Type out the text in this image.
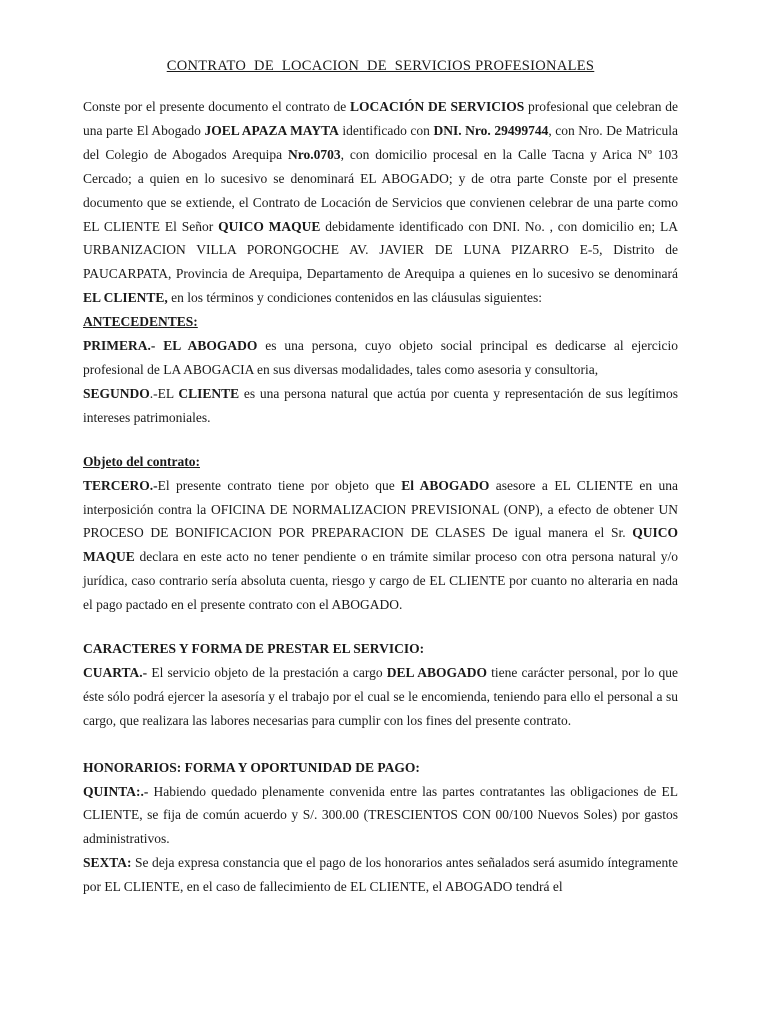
CONTRATO  DE  LOCACION  DE  SERVICIOS PROFESIONALES

Conste por el presente documento el contrato de LOCACIÓN DE SERVICIOS profesional que celebran de una parte El Abogado JOEL APAZA MAYTA identificado con DNI. Nro. 29499744, con Nro. De Matricula del Colegio de Abogados Arequipa Nro.0703, con domicilio procesal en la Calle Tacna y Arica Nº 103 Cercado; a quien en lo sucesivo se denominará EL ABOGADO; y de otra parte Conste por el presente documento que se extiende, el Contrato de Locación de Servicios que convienen celebrar de una parte como EL CLIENTE El Señor QUICO MAQUE debidamente identificado con DNI. No. , con domicilio en; LA URBANIZACION VILLA PORONGOCHE AV. JAVIER DE LUNA PIZARRO E-5, Distrito de PAUCARPATA, Provincia de Arequipa, Departamento de Arequipa a quienes en lo sucesivo se denominará EL CLIENTE, en los términos y condiciones contenidos en las cláusulas siguientes:

ANTECEDENTES:

PRIMERA.- EL ABOGADO es una persona, cuyo objeto social principal es dedicarse al ejercicio profesional de LA ABOGACIA en sus diversas modalidades, tales como asesoria y consultoria,

SEGUNDO.-EL CLIENTE es una persona natural que actúa por cuenta y representación de sus legítimos intereses patrimoniales.

Objeto del contrato:

TERCERO.-El presente contrato tiene por objeto que El ABOGADO asesore a EL CLIENTE en una interposición contra la OFICINA DE NORMALIZACION PREVISIONAL (ONP), a efecto de obtener UN PROCESO DE BONIFICACION POR PREPARACION DE CLASES De igual manera el Sr. QUICO MAQUE declara en este acto no tener pendiente o en trámite similar proceso con otra persona natural y/o jurídica, caso contrario sería absoluta cuenta, riesgo y cargo de EL CLIENTE por cuanto no alteraria en nada el pago pactado en el presente contrato con el ABOGADO.

CARACTERES Y FORMA DE PRESTAR EL SERVICIO:

CUARTA.- El servicio objeto de la prestación a cargo DEL ABOGADO tiene carácter personal, por lo que éste sólo podrá ejercer la asesoría y el trabajo por el cual se le encomienda, teniendo para ello el personal a su cargo, que realizara las labores necesarias para cumplir con los fines del presente contrato.

HONORARIOS: FORMA Y OPORTUNIDAD DE PAGO:

QUINTA:.- Habiendo quedado plenamente convenida entre las partes contratantes las obligaciones de EL CLIENTE, se fija de común acuerdo y S/. 300.00 (TRESCIENTOS CON 00/100 Nuevos Soles) por gastos administrativos.

SEXTA: Se deja expresa constancia que el pago de los honorarios antes señalados será asumido íntegramente por EL CLIENTE, en el caso de fallecimiento de EL CLIENTE, el ABOGADO tendrá el
